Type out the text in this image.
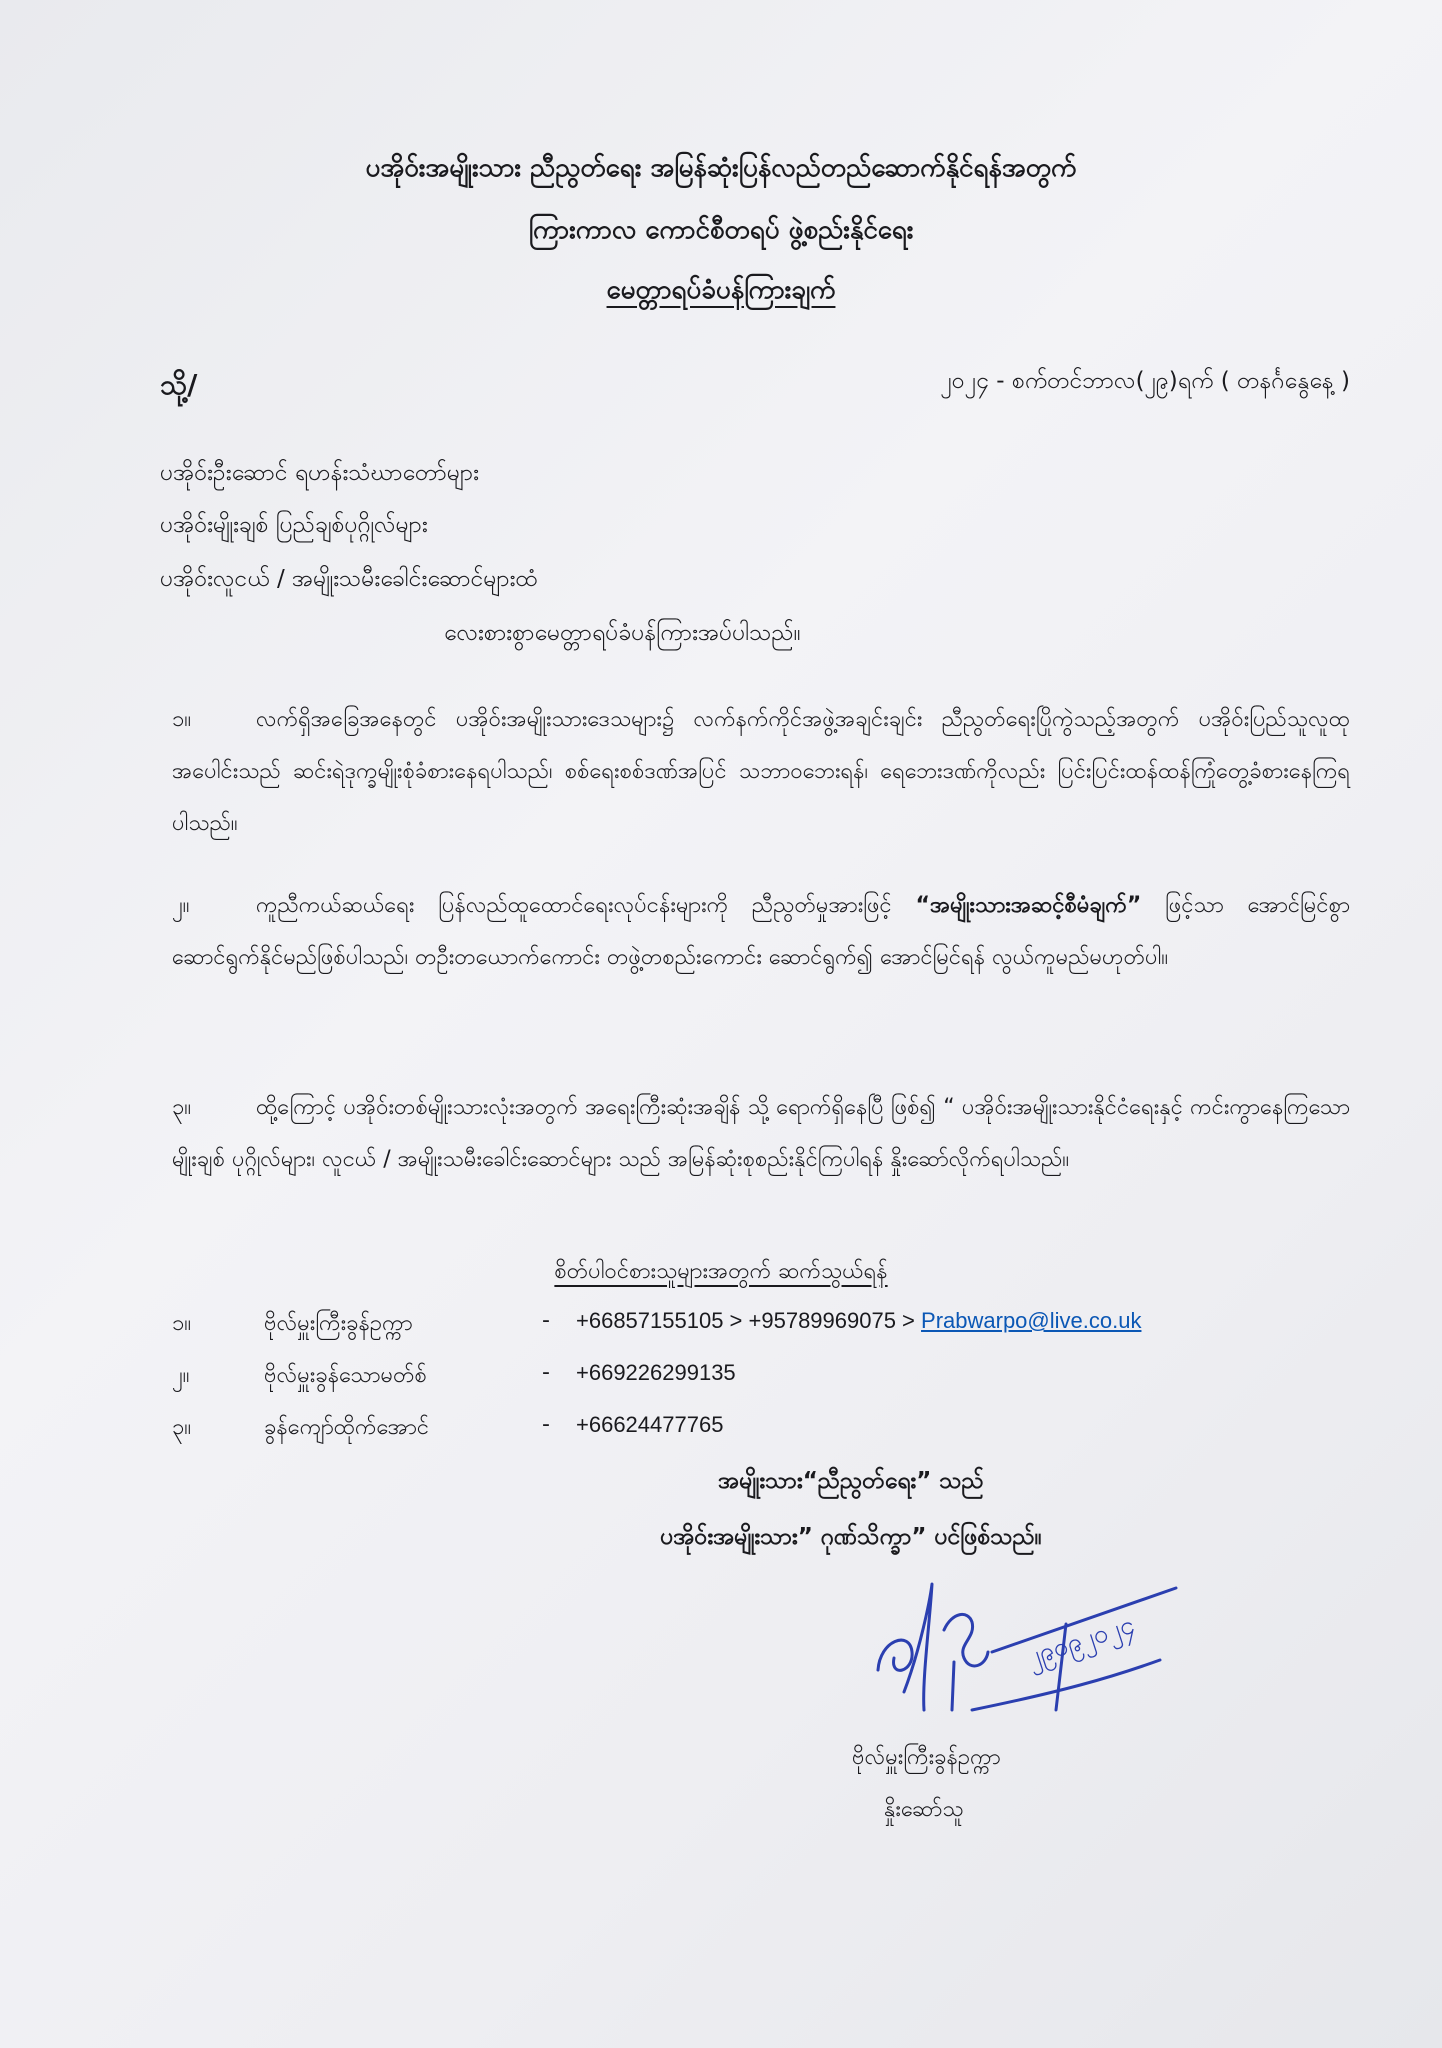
ပအိုဝ်းအမျိုးသား ညီညွတ်ရေး အမြန်ဆုံးပြန်လည်တည်ဆောက်နိုင်ရန်အတွက်
ကြားကာလ ကောင်စီတရပ် ဖွဲ့စည်းနိုင်ရေး
မေတ္တာရပ်ခံပန်ကြားချက်
သို့/	၂၀၂၄ - စက်တင်ဘာလ(၂၉)ရက် ( တနင်္ဂနွေနေ့ )
ပအိုဝ်းဦးဆောင် ရဟန်းသံဃာတော်များ
ပအိုဝ်းမျိုးချစ် ပြည်ချစ်ပုဂ္ဂိုလ်များ
ပအိုဝ်းလူငယ် / အမျိုးသမီးခေါင်းဆောင်များထံ
လေးစားစွာမေတ္တာရပ်ခံပန်ကြားအပ်ပါသည်။
၁။	လက်ရှိအခြေအနေတွင် ပအိုဝ်းအမျိုးသားဒေသများ၌ လက်နက်ကိုင်အဖွဲ့အချင်းချင်း ညီညွတ်ရေးပြိုကွဲသည့်အတွက် ပအိုဝ်းပြည်သူလူထုအပေါင်းသည် ဆင်းရဲဒုက္ခမျိုးစုံခံစားနေရပါသည်၊ စစ်ရေးစစ်ဒဏ်အပြင် သဘာဝဘေးရန်၊ ရေဘေးဒဏ်ကိုလည်း ပြင်းပြင်းထန်ထန်ကြုံတွေ့ခံစားနေကြရပါသည်။
၂။	ကူညီကယ်ဆယ်ရေး ပြန်လည်ထူထောင်ရေးလုပ်ငန်းများကို ညီညွတ်မှုအားဖြင့် “အမျိုးသားအဆင့်စီမံချက်” ဖြင့်သာ အောင်မြင်စွာ ဆောင်ရွက်နိုင်မည်ဖြစ်ပါသည်၊ တဦးတယောက်ကောင်း တဖွဲ့တစည်းကောင်း ဆောင်ရွက်၍ အောင်မြင်ရန် လွယ်ကူမည်မဟုတ်ပါ။
၃။	ထို့ကြောင့် ပအိုဝ်းတစ်မျိုးသားလုံးအတွက် အရေးကြီးဆုံးအချိန် သို့ ရောက်ရှိနေပြီ ဖြစ်၍ “ ပအိုဝ်းအမျိုးသားနိုင်ငံရေးနှင့် ကင်းကွာနေကြသော မျိုးချစ် ပုဂ္ဂိုလ်များ၊ လူငယ် / အမျိုးသမီးခေါင်းဆောင်များ သည် အမြန်ဆုံးစုစည်းနိုင်ကြပါရန် နှိုးဆော်လိုက်ရပါသည်။
စိတ်ပါဝင်စားသူများအတွက် ဆက်သွယ်ရန်
၁။	ဗိုလ်မှူးကြီးခွန်ဥက္ကာ	- +66857155105 > +95789969075 > Prabwarpo@live.co.uk
၂။	ဗိုလ်မှူးခွန်သောမတ်စ်	- +669226299135
၃။	ခွန်ကျော်ထိုက်အောင်	- +66624477765
အမျိုးသား“ညီညွတ်ရေး” သည်
ပအိုဝ်းအမျိုးသား” ဂုဏ်သိက္ခာ” ပင်ဖြစ်သည်။
၂၉၀၉၂၀၂၄
ဗိုလ်မှူးကြီးခွန်ဥက္ကာ
နှိုးဆော်သူ
